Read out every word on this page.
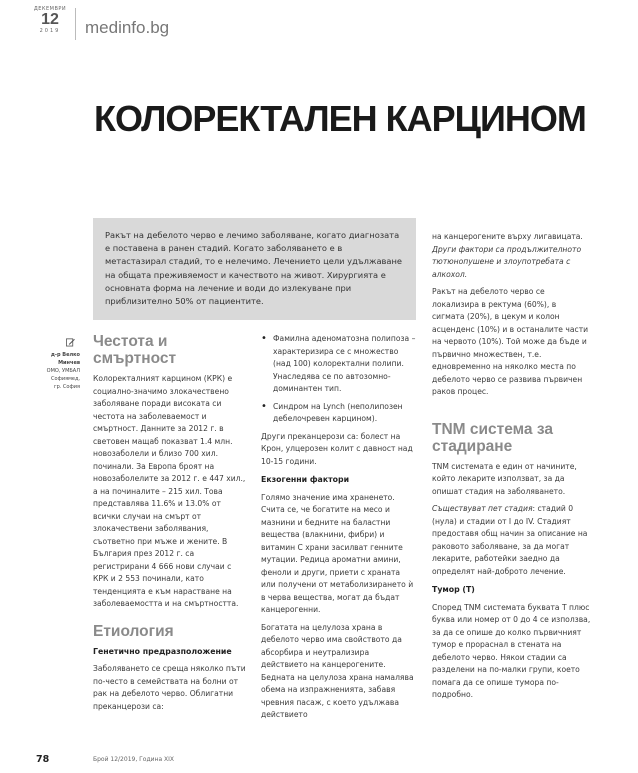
ДЕКЕМВРИ
12
2019	medinfo.bg
КОЛОРЕКТАЛЕН КАРЦИНОМ

Ракът на дебелото черво е лечимо заболяване, когато диагнозата е поставена в ранен стадий. Когато заболяването е в метастазирал стадий, то е нелечимо. Лечението цели удължаване на общата преживяемост и качеството на живот. Хирургията е основната форма на лечение и води до излекуване при приблизително 50% от пациентите.

д-р Велко
Минчев
ОМО, УМБАЛ
Софиямед,
гр. София
Честота и смъртност

Колоректалният карцином (КРК) е социално-значимо злокачествено заболяване поради високата си честота на заболеваемост и смъртност. Данните за 2012 г. в световен мащаб показват 1.4 млн. новозаболели и близо 700 хил. починали. За Европа броят на новозаболелите за 2012 г. е 447 хил., а на починалите – 215 хил. Това представлява 11.6% и 13.0% от всички случаи на смърт от злокачествени заболявания, съответно при мъже и жените. В България през 2012 г. са регистрирани 4 666 нови случаи с КРК и 2 553 починали, като тенденцията е към нарастване на заболеваемостта и на смъртността.

Етиология
Генетично предразположение

Заболяването се среща няколко пъти по-често в семействата на болни от рак на дебелото черво. Облигатни преканцерози са:

• Фамилна аденоматозна полипоза – характеризира се с множество (над 100) колоректални полипи. Унаследява се по автозомно-доминантен тип.
• Синдром на Lynch (неполипозен дебелочревен карцином).

Други преканцерози са: болест на Крон, улцерозен колит с давност над 10-15 години.

Екзогенни фактори

Голямо значение има храненето. Счита се, че богатите на месо и мазнини и бедните на баластни вещества (влакнини, фибри) и витамин С храни засилват генните мутации. Редица ароматни амини, феноли и други, приети с храната или получени от метаболизирането ѝ в черва вещества, могат да бъдат канцерогенни.

Богатата на целулоза храна в дебелото черво има свойството да абсорбира и неутрализира действието на канцерогените. Бедната на целулоза храна намалява обема на изпражненията, забавя чревния пасаж, с което удължава действието

на канцерогените върху лигавицата.

Други фактори са продължителното тютюнопушене и злоупотребата с алкохол.

Ракът на дебелото черво се локализира в ректума (60%), в сигмата (20%), в цекум и колон асценденс (10%) и в останалите части на червото (10%). Той може да бъде и първично множествен, т.е. едновременно на няколко места по дебелото черво се развива първичен раков процес.

TNM система за стадиране

TNM системата е един от начините, който лекарите използват, за да опишат стадия на заболяването.

Съществуват пет стадия: стадий 0 (нула) и стадии от I до IV. Стадият предоставя общ начин за описание на раковото заболяване, за да могат лекарите, работейки заедно да определят най-доброто лечение.

Тумор (T)

Според TNM системата буквата T плюс буква или номер от 0 до 4 се използва, за да се опише до колко първичният тумор е прораснал в стената на дебелото черво. Някои стадии са разделени на по-малки групи, което помага да се опише тумора по-подробно.

78	Брой 12/2019, Година XIX
